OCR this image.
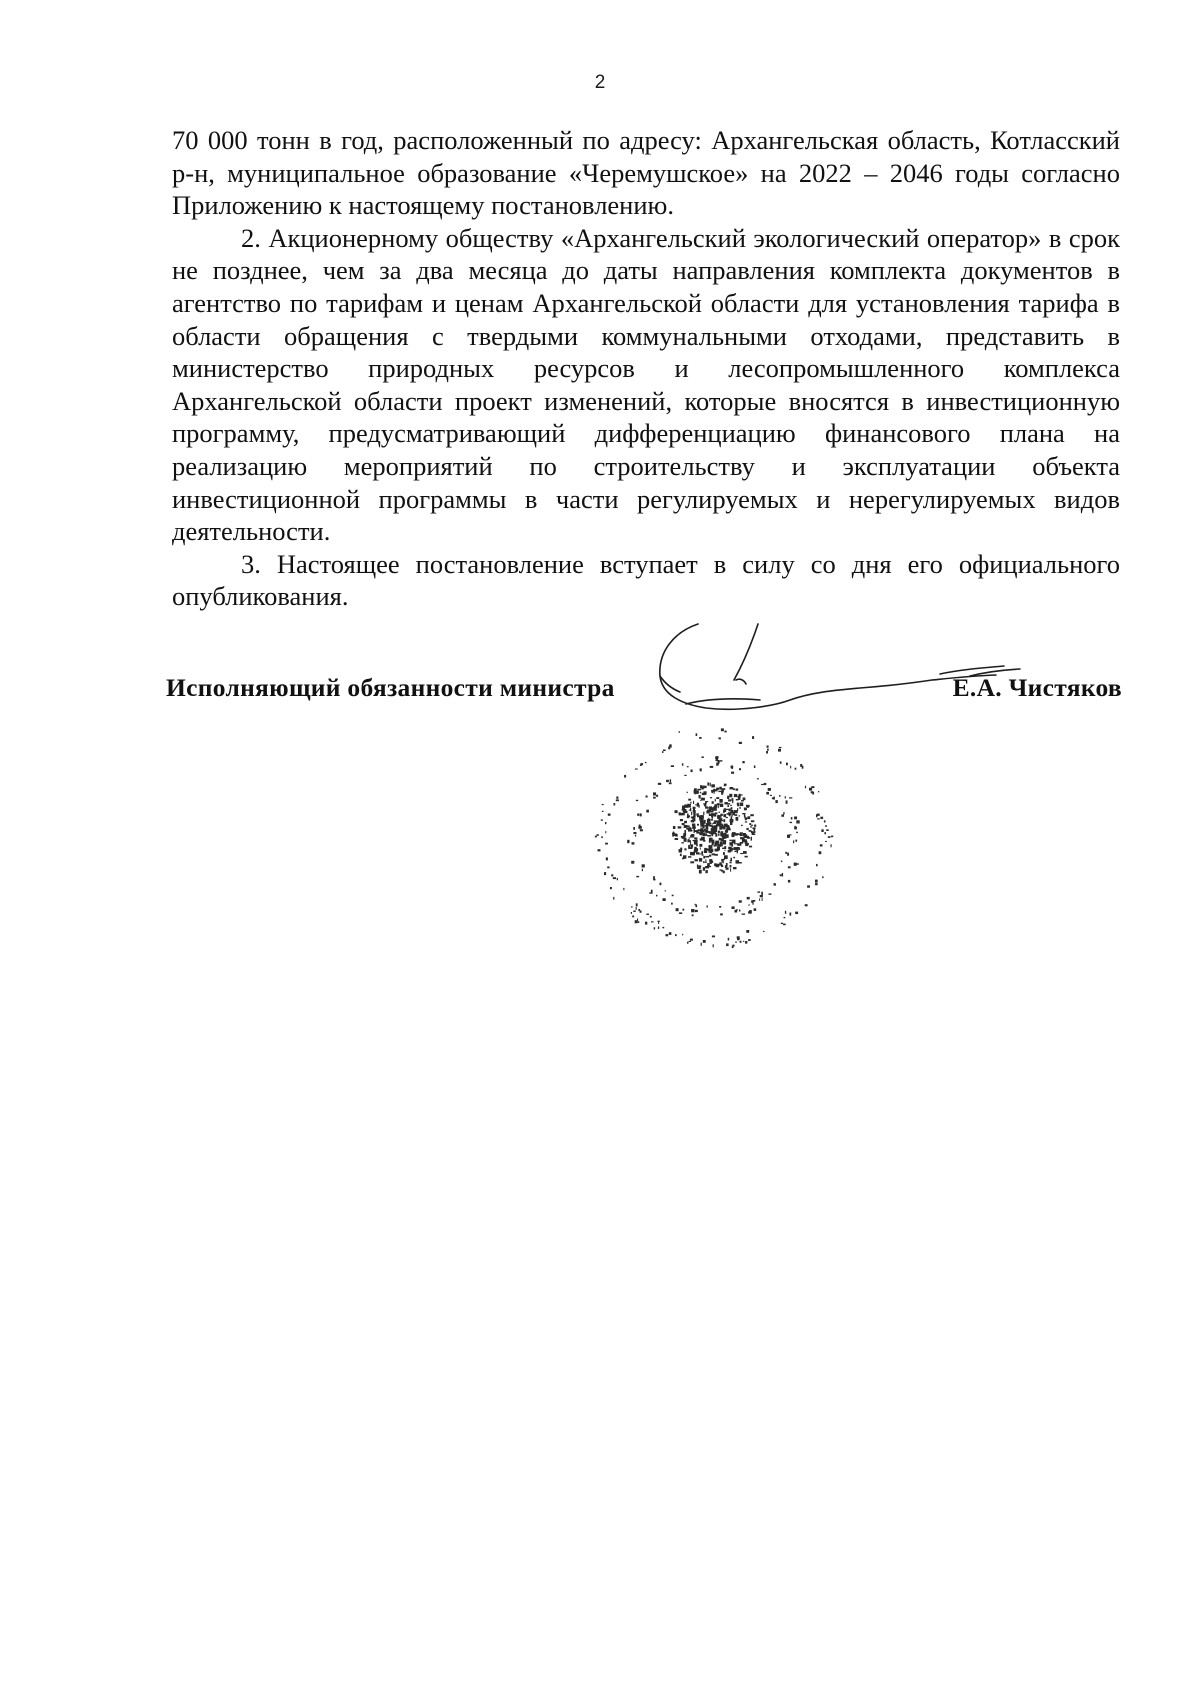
2

70 000 тонн в год, расположенный по адресу: Архангельская область, Котласский р-н, муниципальное образование «Черемушское» на 2022 – 2046 годы согласно Приложению к настоящему постановлению.

2. Акционерному обществу «Архангельский экологический оператор» в срок не позднее, чем за два месяца до даты направления комплекта документов в агентство по тарифам и ценам Архангельской области для установления тарифа в области обращения с твердыми коммунальными отходами, представить в министерство природных ресурсов и лесопромышленного комплекса Архангельской области проект изменений, которые вносятся в инвестиционную программу, предусматривающий дифференциацию финансового плана на реализацию мероприятий по строительству и эксплуатации объекта инвестиционной программы в части регулируемых и нерегулируемых видов деятельности.

3. Настоящее постановление вступает в силу со дня его официального опубликования.

Исполняющий обязанности министра	Е.А. Чистяков
